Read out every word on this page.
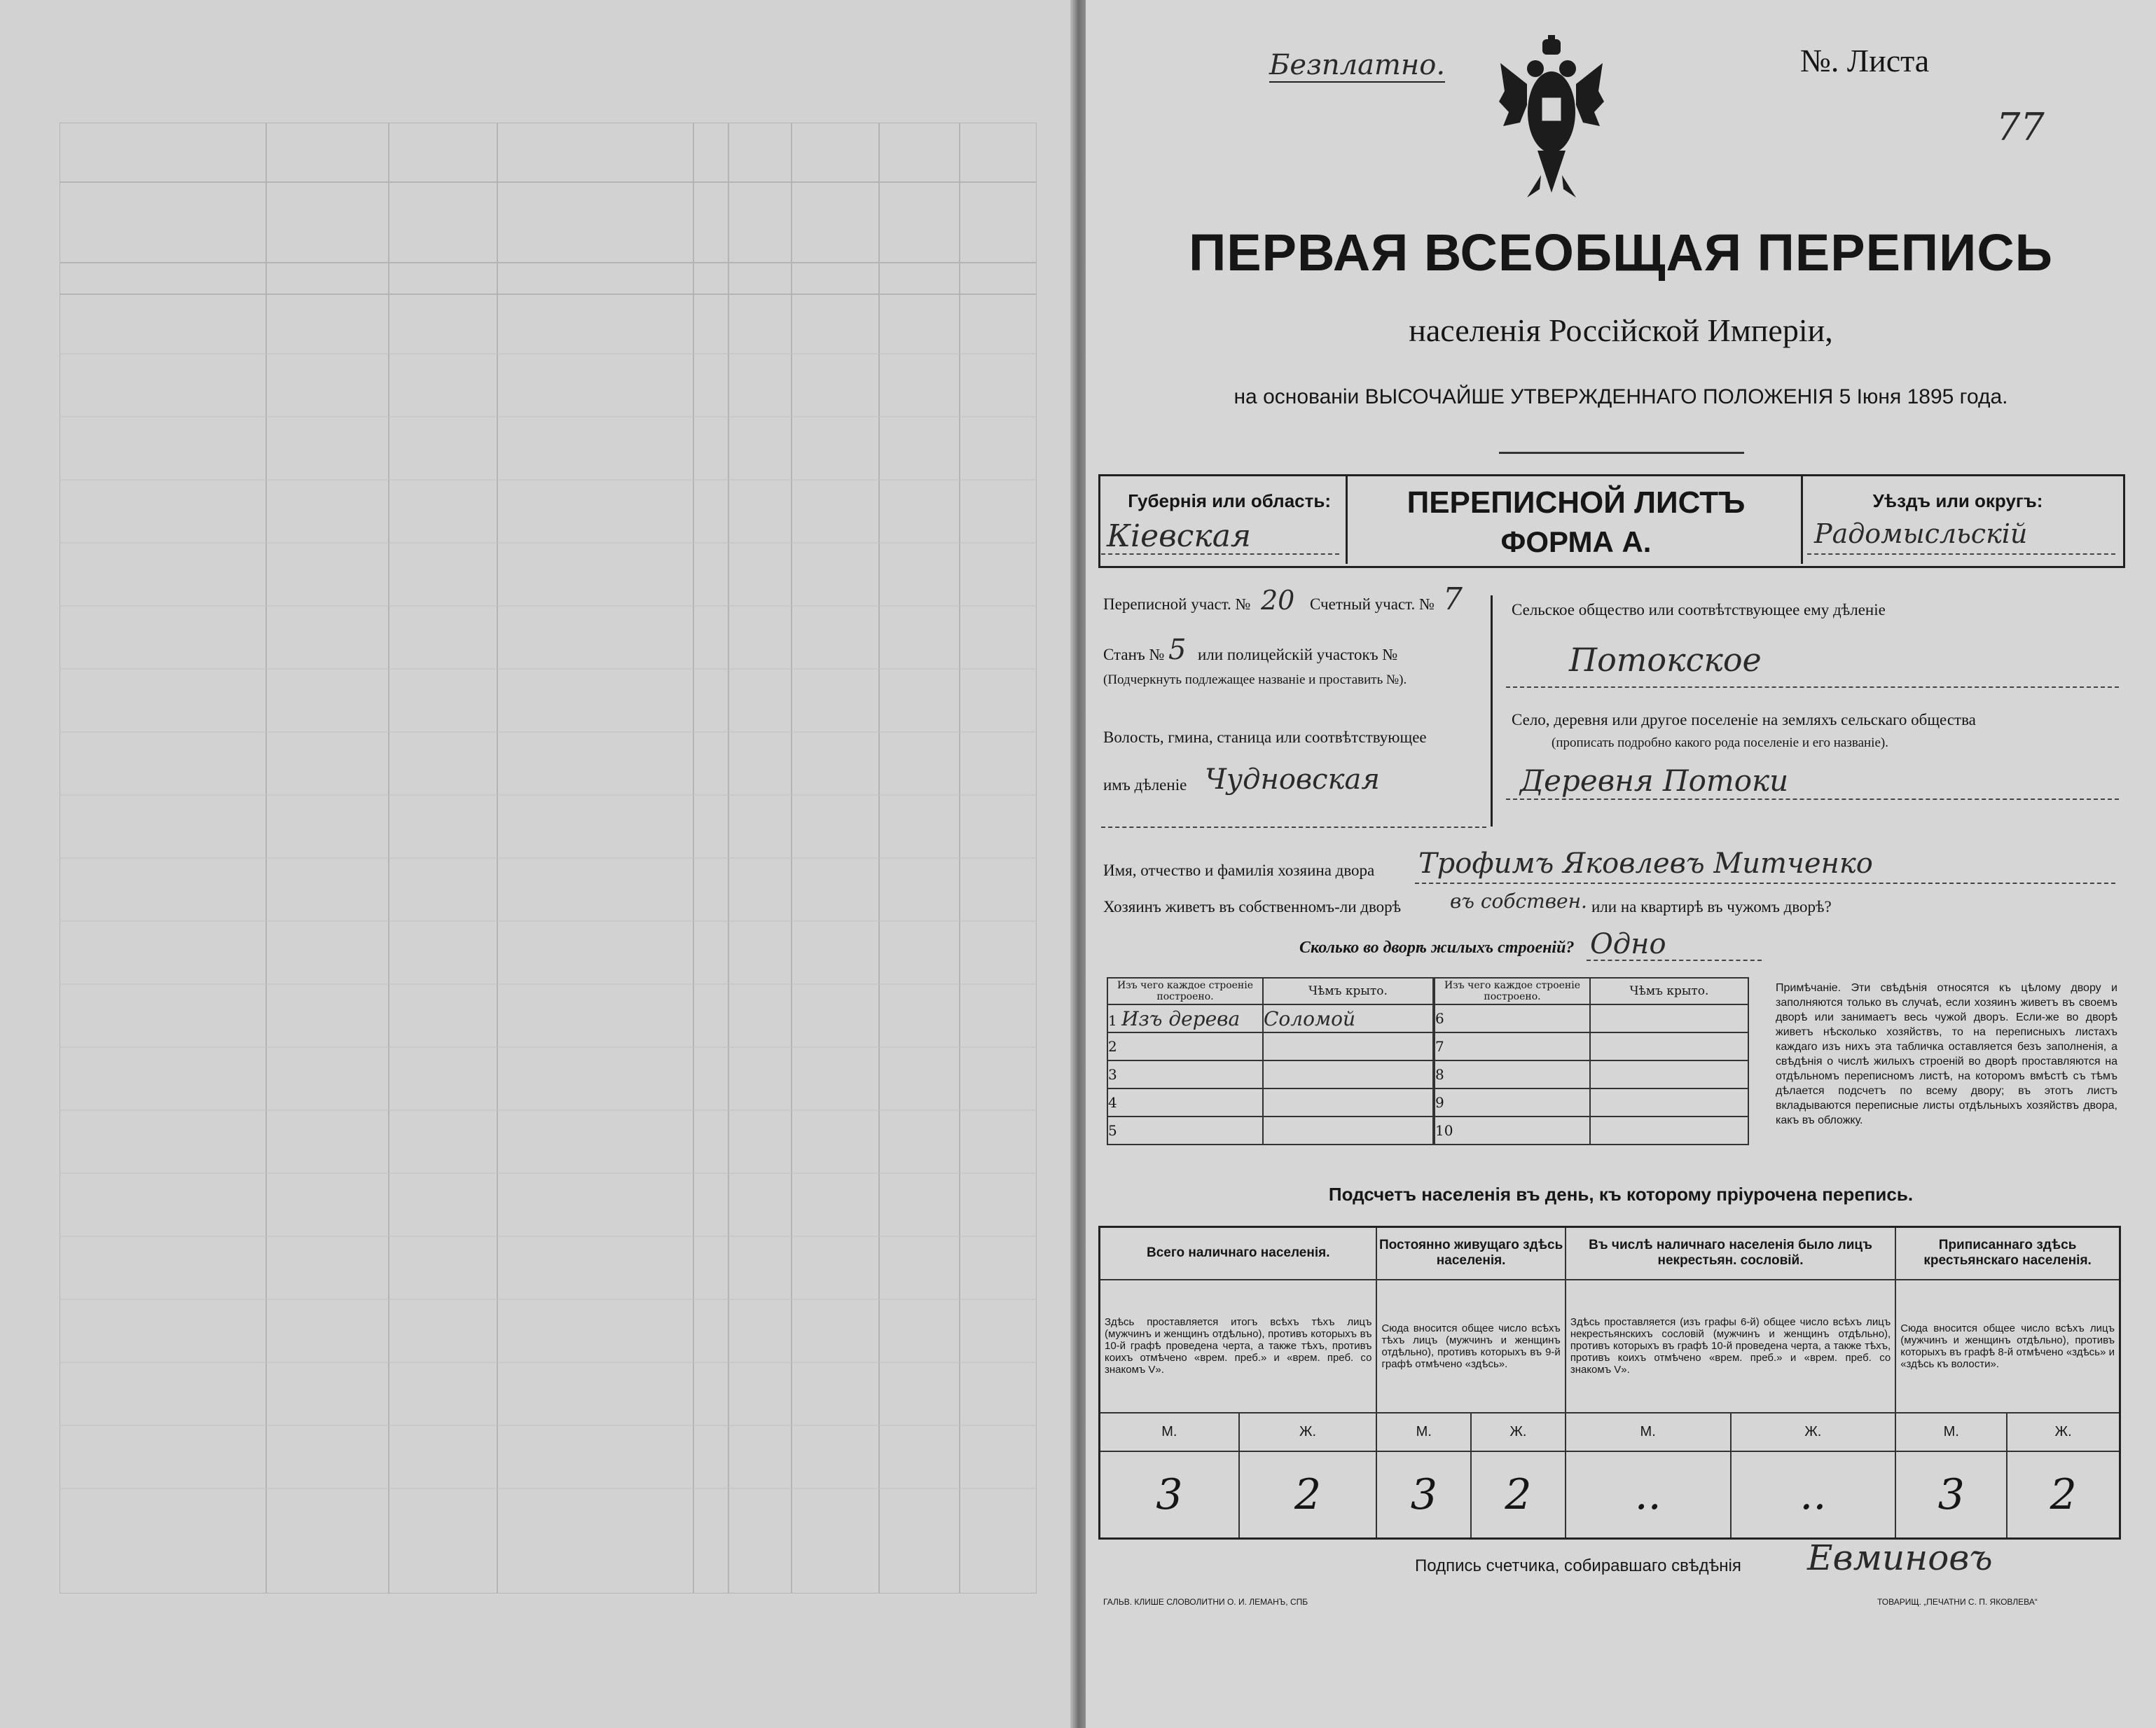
Безплатно.	№. Листа
77
ПЕРВАЯ ВСЕОБЩАЯ ПЕРЕПИСЬ
населенія Россійской Имперіи,
на основаніи ВЫСОЧАЙШЕ УТВЕРЖДЕННАГО ПОЛОЖЕНІЯ 5 Іюня 1895 года.
Губернія или область:
Кіевская
ПЕРЕПИСНОЙ ЛИСТЪ
ФОРМА А.
Уѣздъ или округъ:
Радомысльскій
Переписной участ. № 20 Счетный участ. № 7
Станъ № 5 или полицейскій участокъ №
(Подчеркнуть подлежащее названіе и проставить №).
Волость, гмина, станица или соотвѣтствующее
имъ дѣленіе Чудновская
Сельское общество или соотвѣтствующее ему дѣленіе
Потокское
Село, деревня или другое поселеніе на земляхъ сельскаго общества
(прописать подробно какого рода поселеніе и его названіе).
Деревня Потоки
Имя, отчество и фамилія хозяина двора Трофимъ Яковлевъ Митченко
Хозяинъ живетъ въ собственномъ-ли дворѣ въ собствен. или на квартирѣ въ чужомъ дворѣ?
Сколько во дворѣ жилыхъ строеній? Одно
Изъ чего каждое строеніе построено.	Чѣмъ крыто.
1 Изъ дерева	Соломой
2	
3	
4	
5	
Изъ чего каждое строеніе построено.	Чѣмъ крыто.
6	
7	
8	
9	
10	
Примѣчаніе. Эти свѣдѣнія относятся къ цѣлому двору и заполняются только въ случаѣ, если хозяинъ живетъ въ своемъ дворѣ или занимаетъ весь чужой дворъ. Если-же во дворѣ живетъ нѣсколько хозяйствъ, то на переписныхъ листахъ каждаго изъ нихъ эта табличка оставляется безъ заполненія, а свѣдѣнія о числѣ жилыхъ строеній во дворѣ проставляются на отдѣльномъ переписномъ листѣ, на которомъ вмѣстѣ съ тѣмъ дѣлается подсчетъ по всему двору; въ этотъ листъ вкладываются переписные листы отдѣльныхъ хозяйствъ двора, какъ въ обложку.
Подсчетъ населенія въ день, къ которому пріурочена перепись.
Всего наличнаго населенія.		Постоянно живущаго здѣсь населенія.		Въ числѣ наличнаго населенія было лицъ некрестьян. сословій.		Приписаннаго здѣсь крестьянскаго населенія.	
Здѣсь проставляется итогъ всѣхъ тѣхъ лицъ (мужчинъ и женщинъ отдѣльно), противъ которыхъ въ 10-й графѣ проведена черта, а также тѣхъ, противъ коихъ отмѣчено «врем. преб.» и «врем. преб. со знакомъ V».		Сюда вносится общее число всѣхъ тѣхъ лицъ (мужчинъ и женщинъ отдѣльно), противъ которыхъ въ 9-й графѣ отмѣчено «здѣсь».		Здѣсь проставляется (изъ графы 6-й) общее число всѣхъ лицъ некрестьянскихъ сословій (мужчинъ и женщинъ отдѣльно), противъ которыхъ въ графѣ 10-й проведена черта, а также тѣхъ, противъ коихъ отмѣчено «врем. преб.» и «врем. преб. со знакомъ V».		Сюда вносится общее число всѣхъ лицъ (мужчинъ и женщинъ отдѣльно), противъ которыхъ въ графѣ 8-й отмѣчено «здѣсь» и «здѣсь къ волости».	
М.	Ж.	М.	Ж.	М.	Ж.	М.	Ж.
3	2	3	2	..	..	3	2
Подпись счетчика, собиравшаго свѣдѣнія Евминовъ
ГАЛЬВ. КЛИШЕ СЛОВОЛИТНИ О. И. ЛЕМАНЪ, СПБ	ТОВАРИЩ. „ПЕЧАТНИ С. П. ЯКОВЛЕВА“
